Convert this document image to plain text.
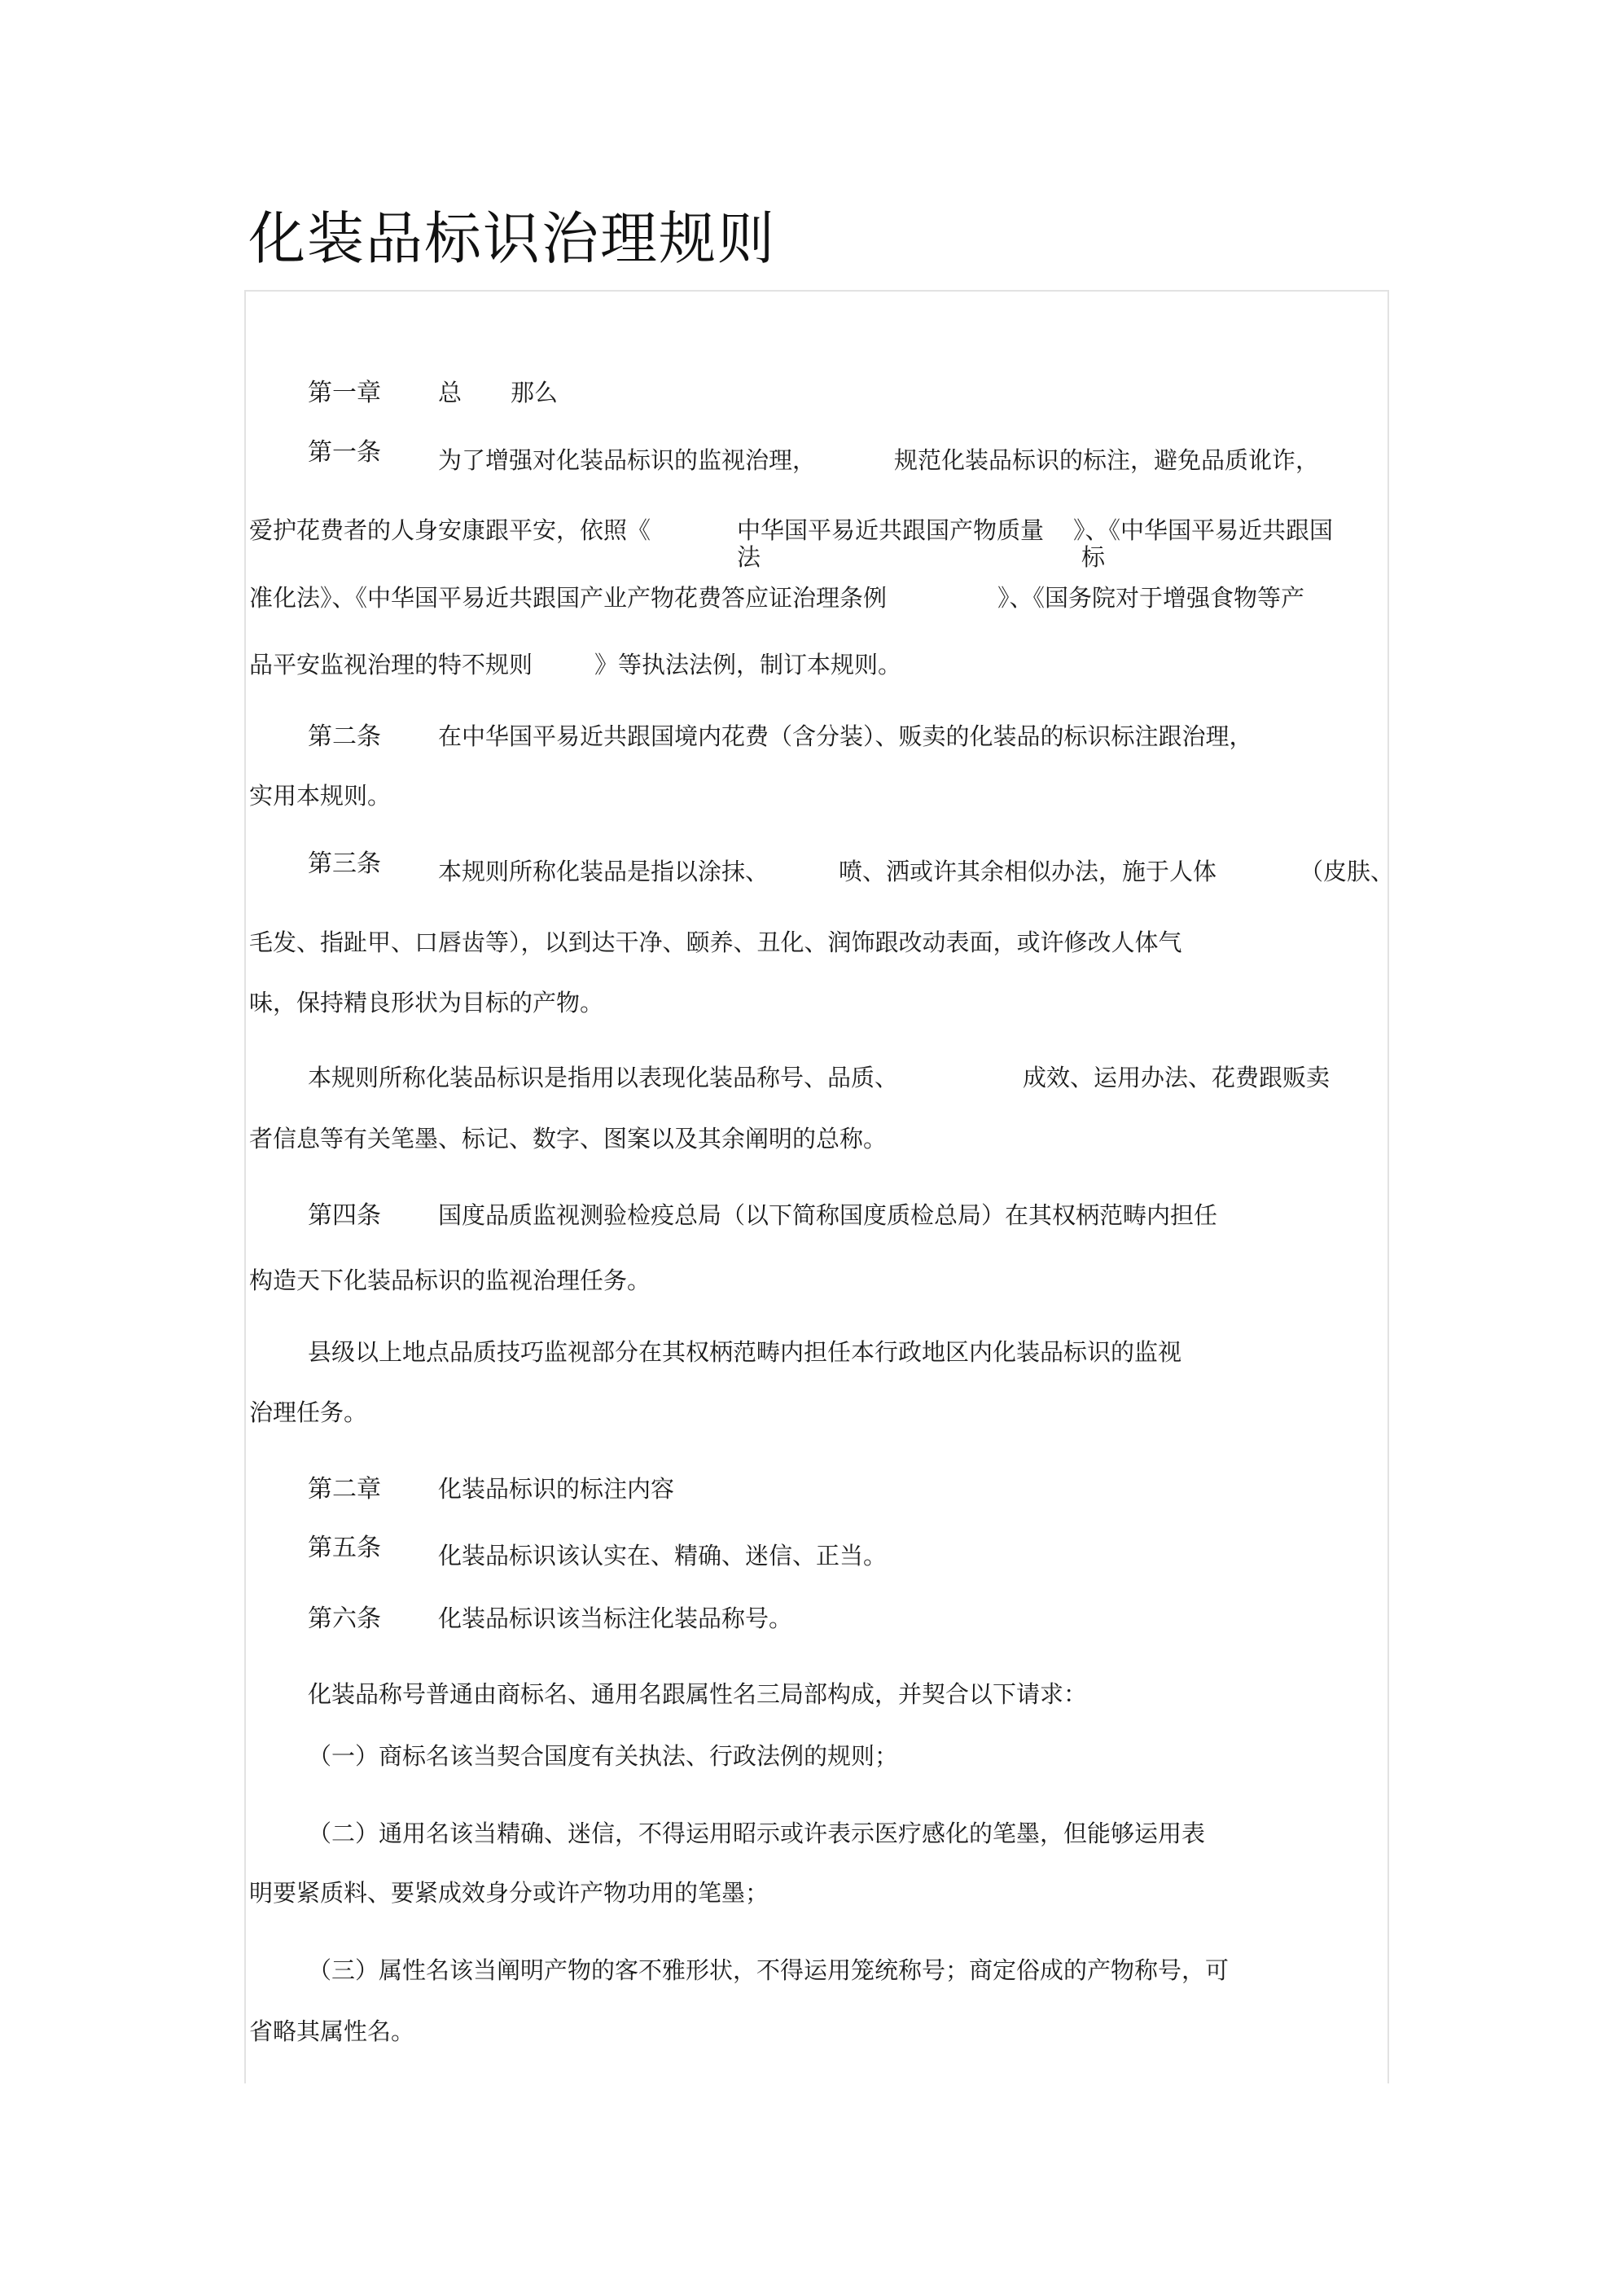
化装品标识治理规则
第一章 总 那么
第一条 为了增强对化装品标识的监视治理，	规范化装品标识的标注，避免品质讹诈，
爱护花费者的人身安康跟平安，依照《	中华国平易近共跟国产物质量 》、《中华国平易近共跟国
法	标
准化法》、《中华国平易近共跟国产业产物花费答应证治理条例	》、《国务院对于增强食物等产
品平安监视治理的特不规则	》等执法法例，制订本规则。
第二条 在中华国平易近共跟国境内花费（含分装）、贩卖的化装品的标识标注跟治理，
实用本规则。
第三条 本规则所称化装品是指以涂抹、	喷、洒或许其余相似办法，施于人体	（皮肤、
毛发、指趾甲、口唇齿等），以到达干净、颐养、丑化、润饰跟改动表面，或许修改人体气
味，保持精良形状为目标的产物。
本规则所称化装品标识是指用以表现化装品称号、品质、	成效、运用办法、花费跟贩卖
者信息等有关笔墨、标记、数字、图案以及其余阐明的总称。
第四条 国度品质监视测验检疫总局（以下简称国度质检总局）在其权柄范畴内担任
构造天下化装品标识的监视治理任务。
县级以上地点品质技巧监视部分在其权柄范畴内担任本行政地区内化装品标识的监视
治理任务。
第二章 化装品标识的标注内容
第五条 化装品标识该认实在、精确、迷信、正当。
第六条 化装品标识该当标注化装品称号。
化装品称号普通由商标名、通用名跟属性名三局部构成，并契合以下请求：
（一）商标名该当契合国度有关执法、行政法例的规则；
（二）通用名该当精确、迷信，不得运用昭示或许表示医疗感化的笔墨，但能够运用表
明要紧质料、要紧成效身分或许产物功用的笔墨；
（三）属性名该当阐明产物的客不雅形状，不得运用笼统称号；商定俗成的产物称号，可
省略其属性名。
